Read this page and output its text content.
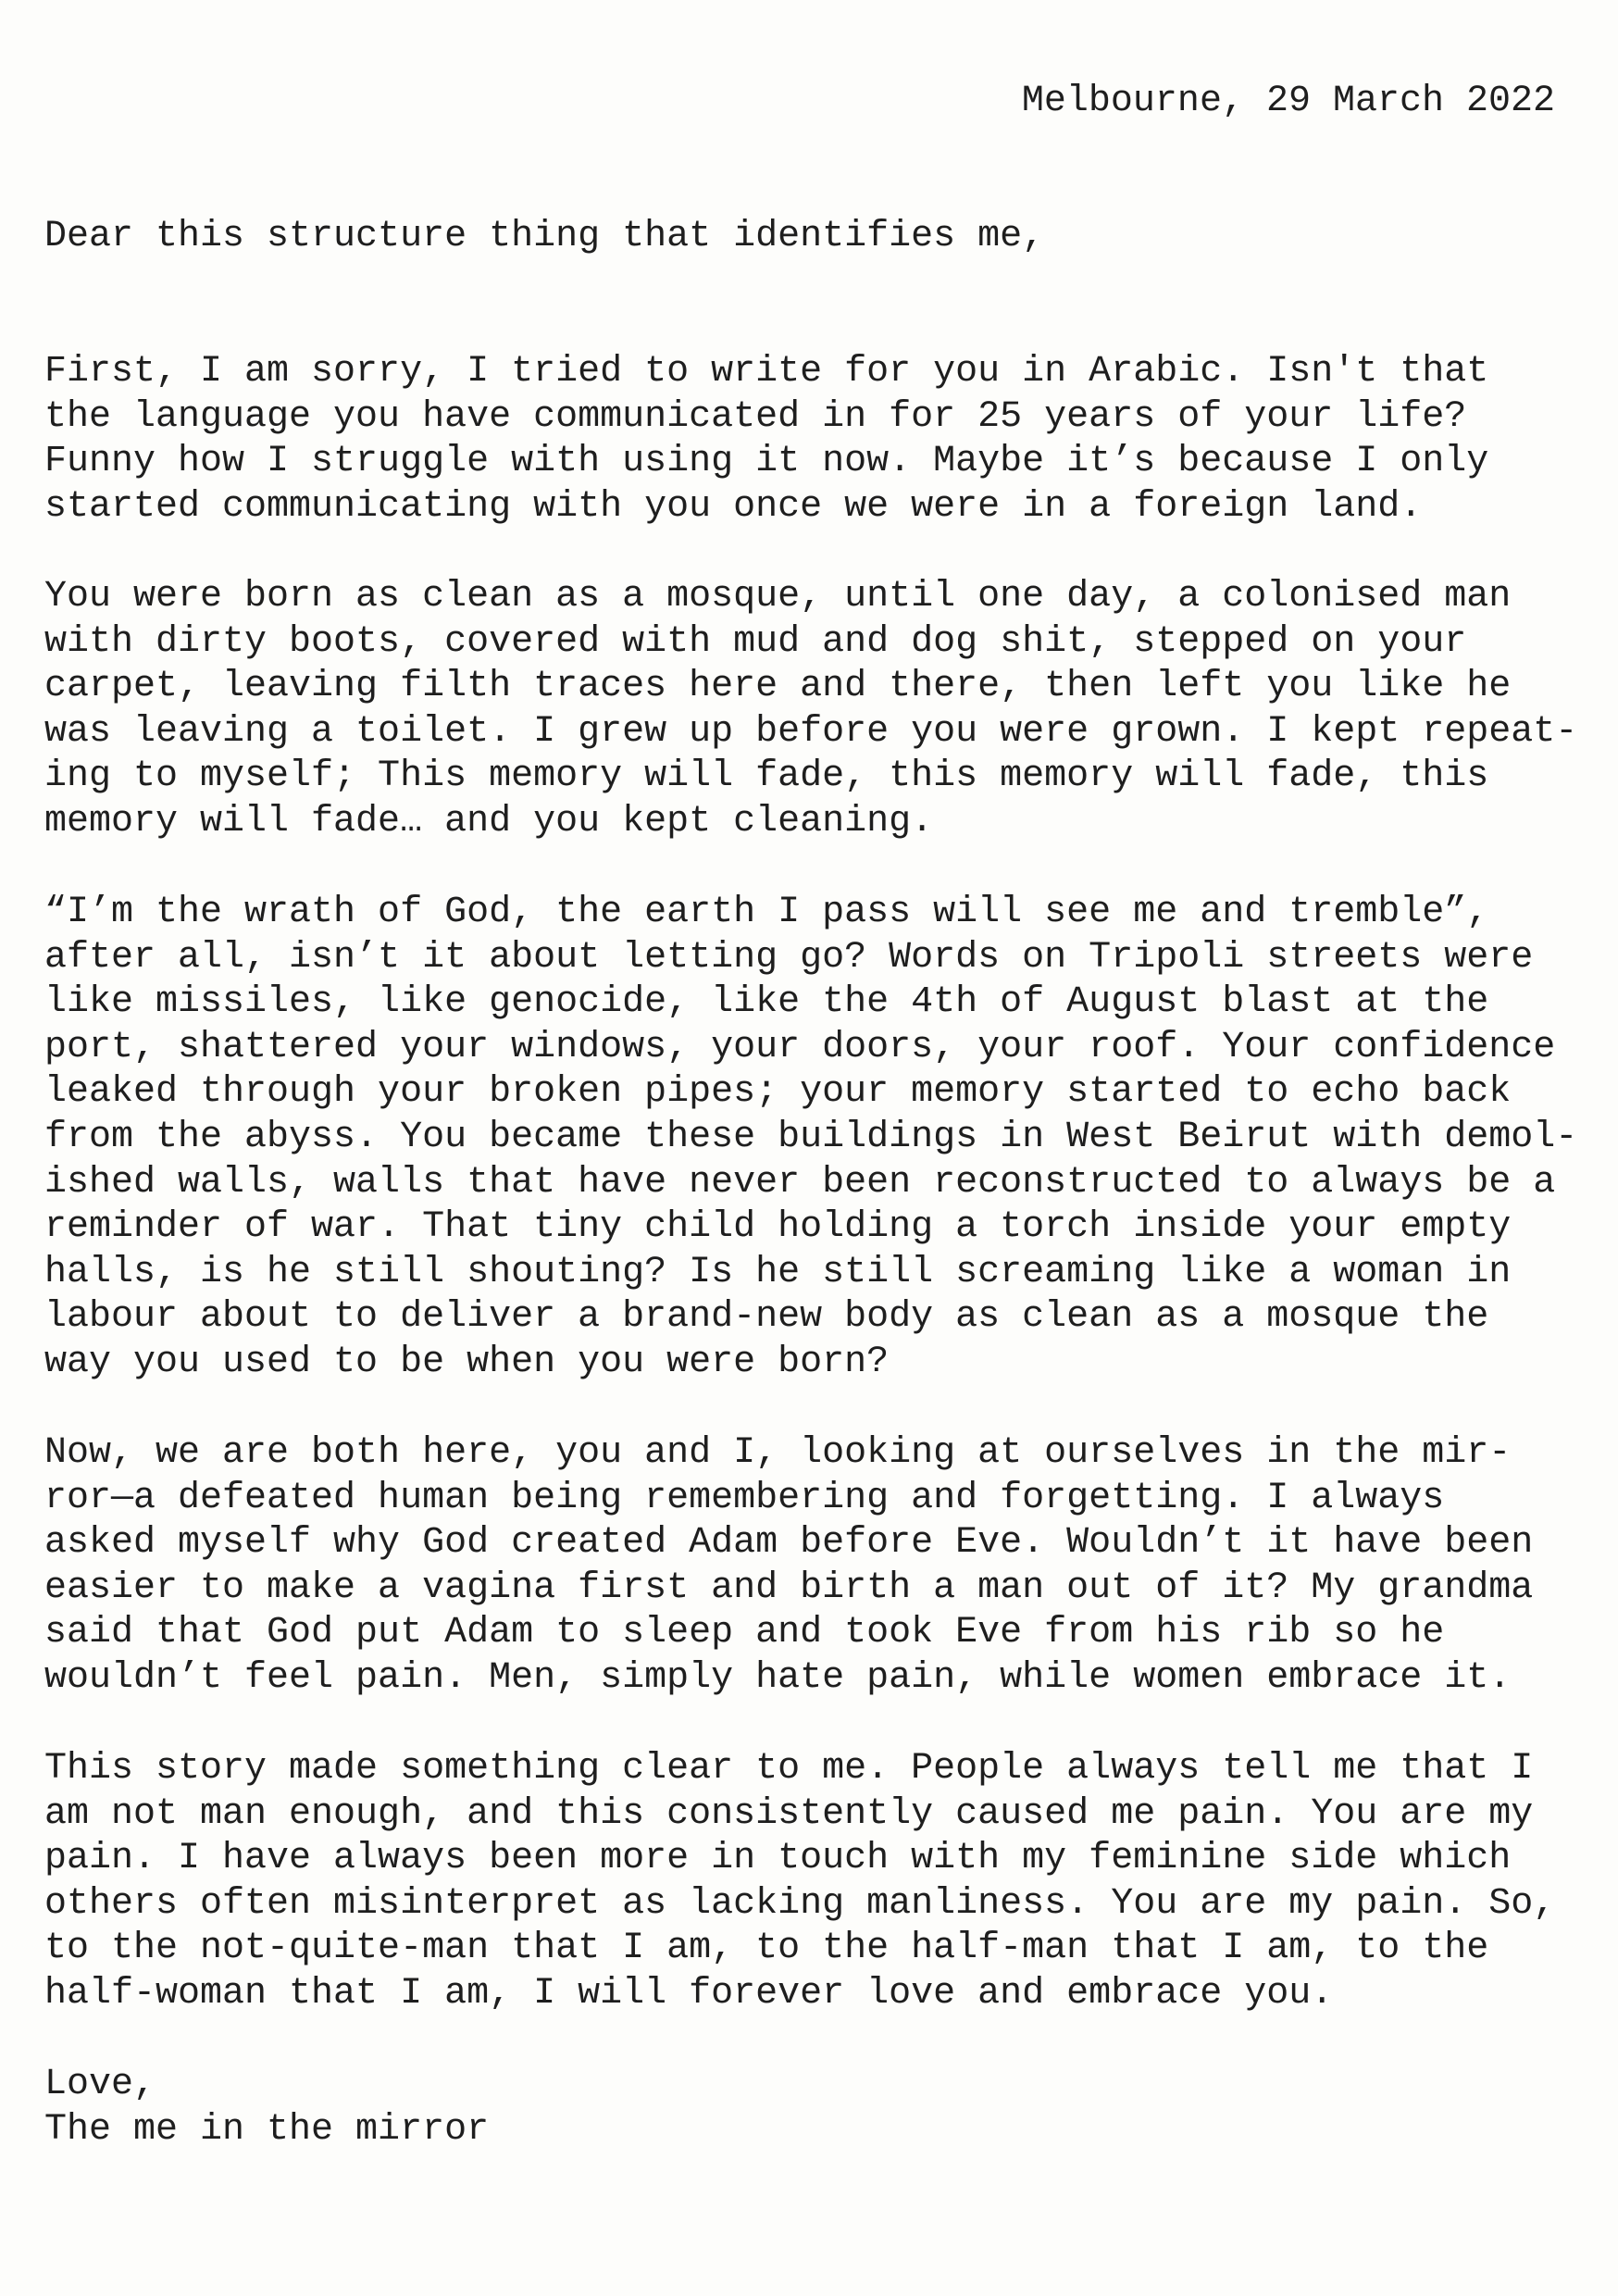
Melbourne, 29 March 2022
Dear this structure thing that identifies me,
First, I am sorry, I tried to write for you in Arabic. Isn't that
the language you have communicated in for 25 years of your life?
Funny how I struggle with using it now. Maybe it’s because I only
started communicating with you once we were in a foreign land.
You were born as clean as a mosque, until one day, a colonised man
with dirty boots, covered with mud and dog shit, stepped on your
carpet, leaving filth traces here and there, then left you like he
was leaving a toilet. I grew up before you were grown. I kept repeat-
ing to myself; This memory will fade, this memory will fade, this
memory will fade… and you kept cleaning.
“I’m the wrath of God, the earth I pass will see me and tremble”,
after all, isn’t it about letting go? Words on Tripoli streets were
like missiles, like genocide, like the 4th of August blast at the
port, shattered your windows, your doors, your roof. Your confidence
leaked through your broken pipes; your memory started to echo back
from the abyss. You became these buildings in West Beirut with demol-
ished walls, walls that have never been reconstructed to always be a
reminder of war. That tiny child holding a torch inside your empty
halls, is he still shouting? Is he still screaming like a woman in
labour about to deliver a brand-new body as clean as a mosque the
way you used to be when you were born?
Now, we are both here, you and I, looking at ourselves in the mir-
ror—a defeated human being remembering and forgetting. I always
asked myself why God created Adam before Eve. Wouldn’t it have been
easier to make a vagina first and birth a man out of it? My grandma
said that God put Adam to sleep and took Eve from his rib so he
wouldn’t feel pain. Men, simply hate pain, while women embrace it.
This story made something clear to me. People always tell me that I
am not man enough, and this consistently caused me pain. You are my
pain. I have always been more in touch with my feminine side which
others often misinterpret as lacking manliness. You are my pain. So,
to the not-quite-man that I am, to the half-man that I am, to the
half-woman that I am, I will forever love and embrace you.
Love,
The me in the mirror
